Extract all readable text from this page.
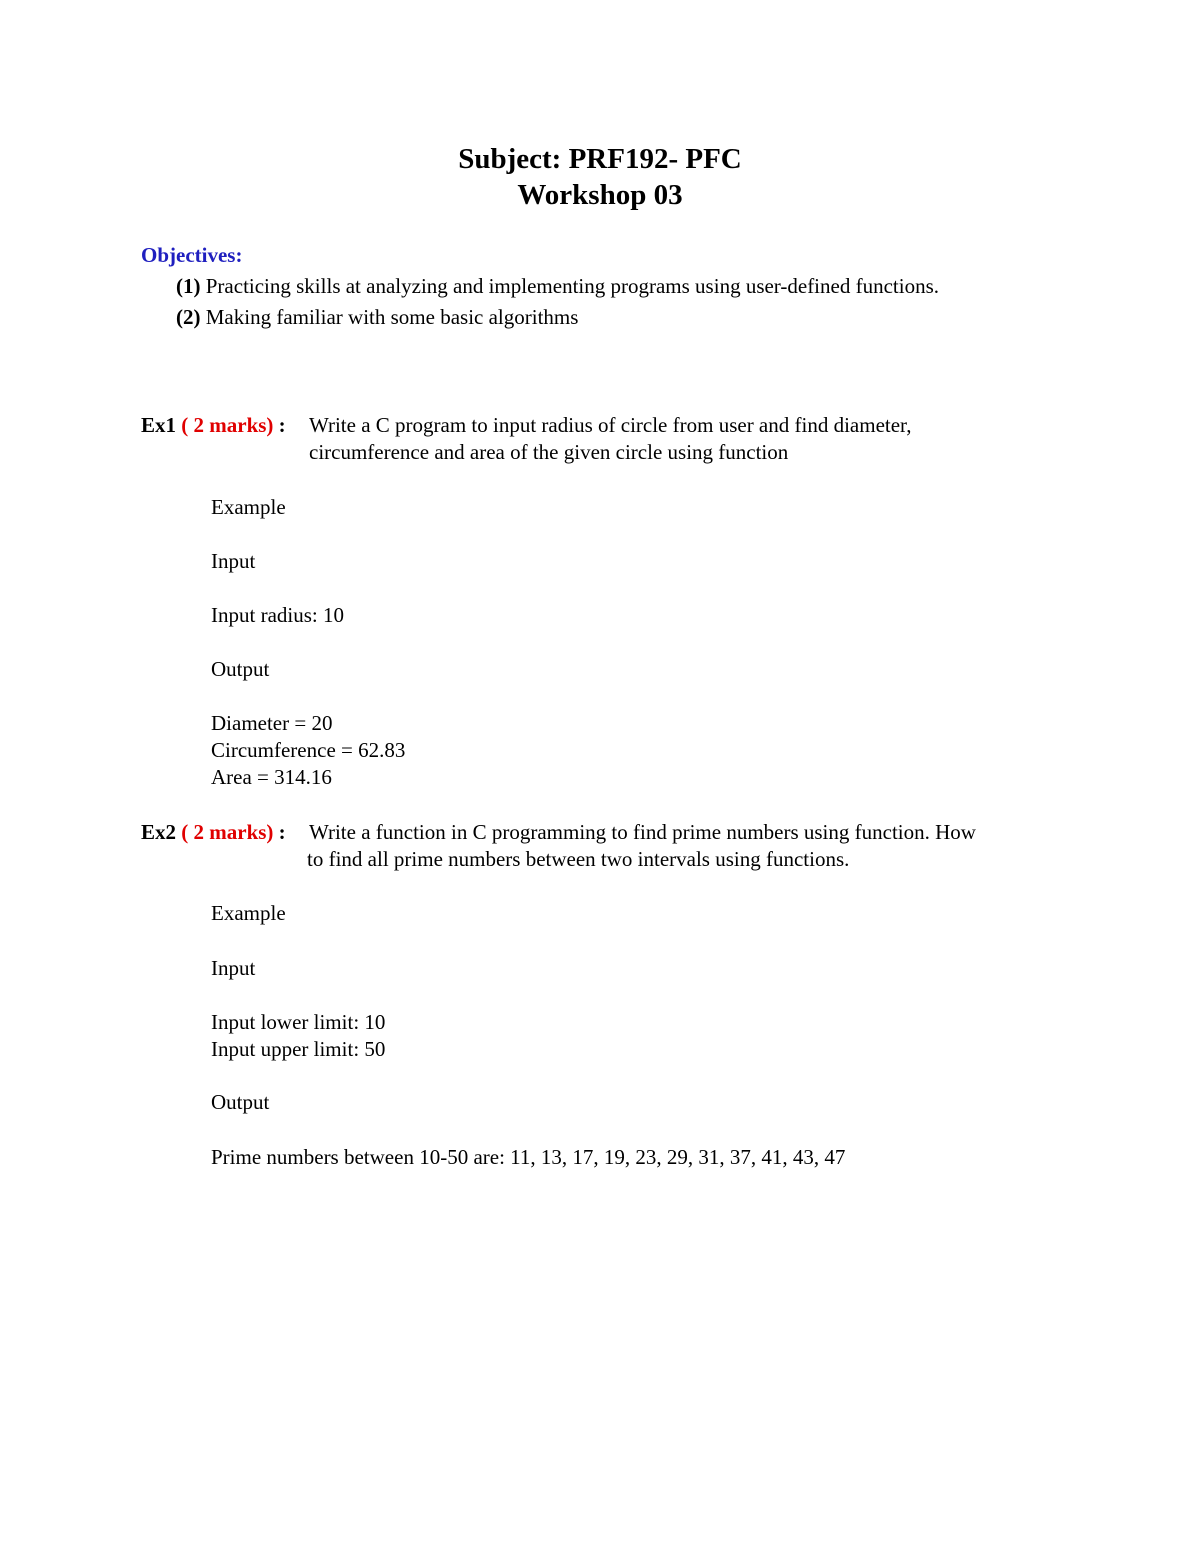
Subject: PRF192- PFC
Workshop 03
Objectives:
(1) Practicing skills at analyzing and implementing programs using user-defined functions.
(2) Making familiar with some basic algorithms
Ex1 ( 2 marks) : Write a C program to input radius of circle from user and find diameter,
circumference and area of the given circle using function
Example
Input
Input radius: 10
Output
Diameter = 20
Circumference = 62.83
Area = 314.16
Ex2 ( 2 marks) : Write a function in C programming to find prime numbers using function. How
to find all prime numbers between two intervals using functions.
Example
Input
Input lower limit: 10
Input upper limit: 50
Output
Prime numbers between 10-50 are: 11, 13, 17, 19, 23, 29, 31, 37, 41, 43, 47
